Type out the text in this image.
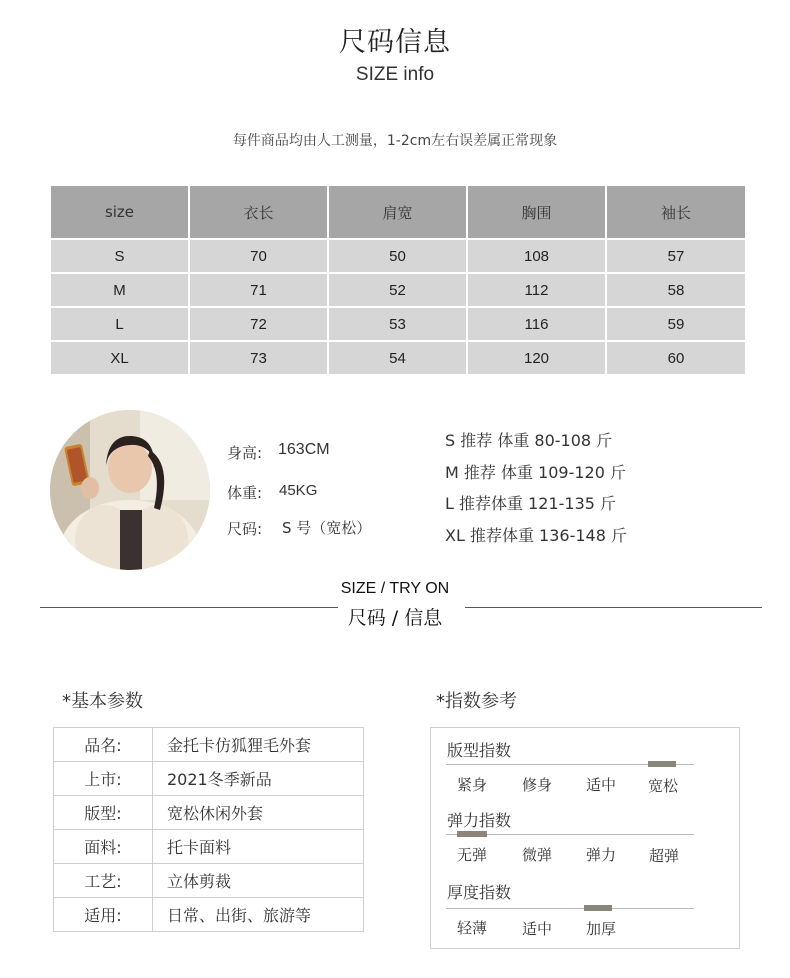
尺码信息
SIZE info
每件商品均由人工测量，1-2cm左右误差属正常现象
size	衣长	肩宽	胸围	袖长
S	70	50	108	57
M	71	52	112	58
L	72	53	116	59
XL	73	54	120	60
身高: 163CM
体重: 45KG
尺码: S 号（宽松）
S 推荐 体重 80-108 斤
M 推荐 体重 109-120 斤
L 推荐体重 121-135 斤
XL 推荐体重 136-148 斤
SIZE / TRY ON
尺码 / 信息
*基本参数
品名:	金托卡仿狐狸毛外套
上市:	2021冬季新品
版型:	宽松休闲外套
面料:	托卡面料
工艺:	立体剪裁
适用:	日常、出街、旅游等
*指数参考
版型指数
紧身 修身 适中 宽松
弹力指数
无弹 微弹 弹力 超弹
厚度指数
轻薄 适中 加厚
